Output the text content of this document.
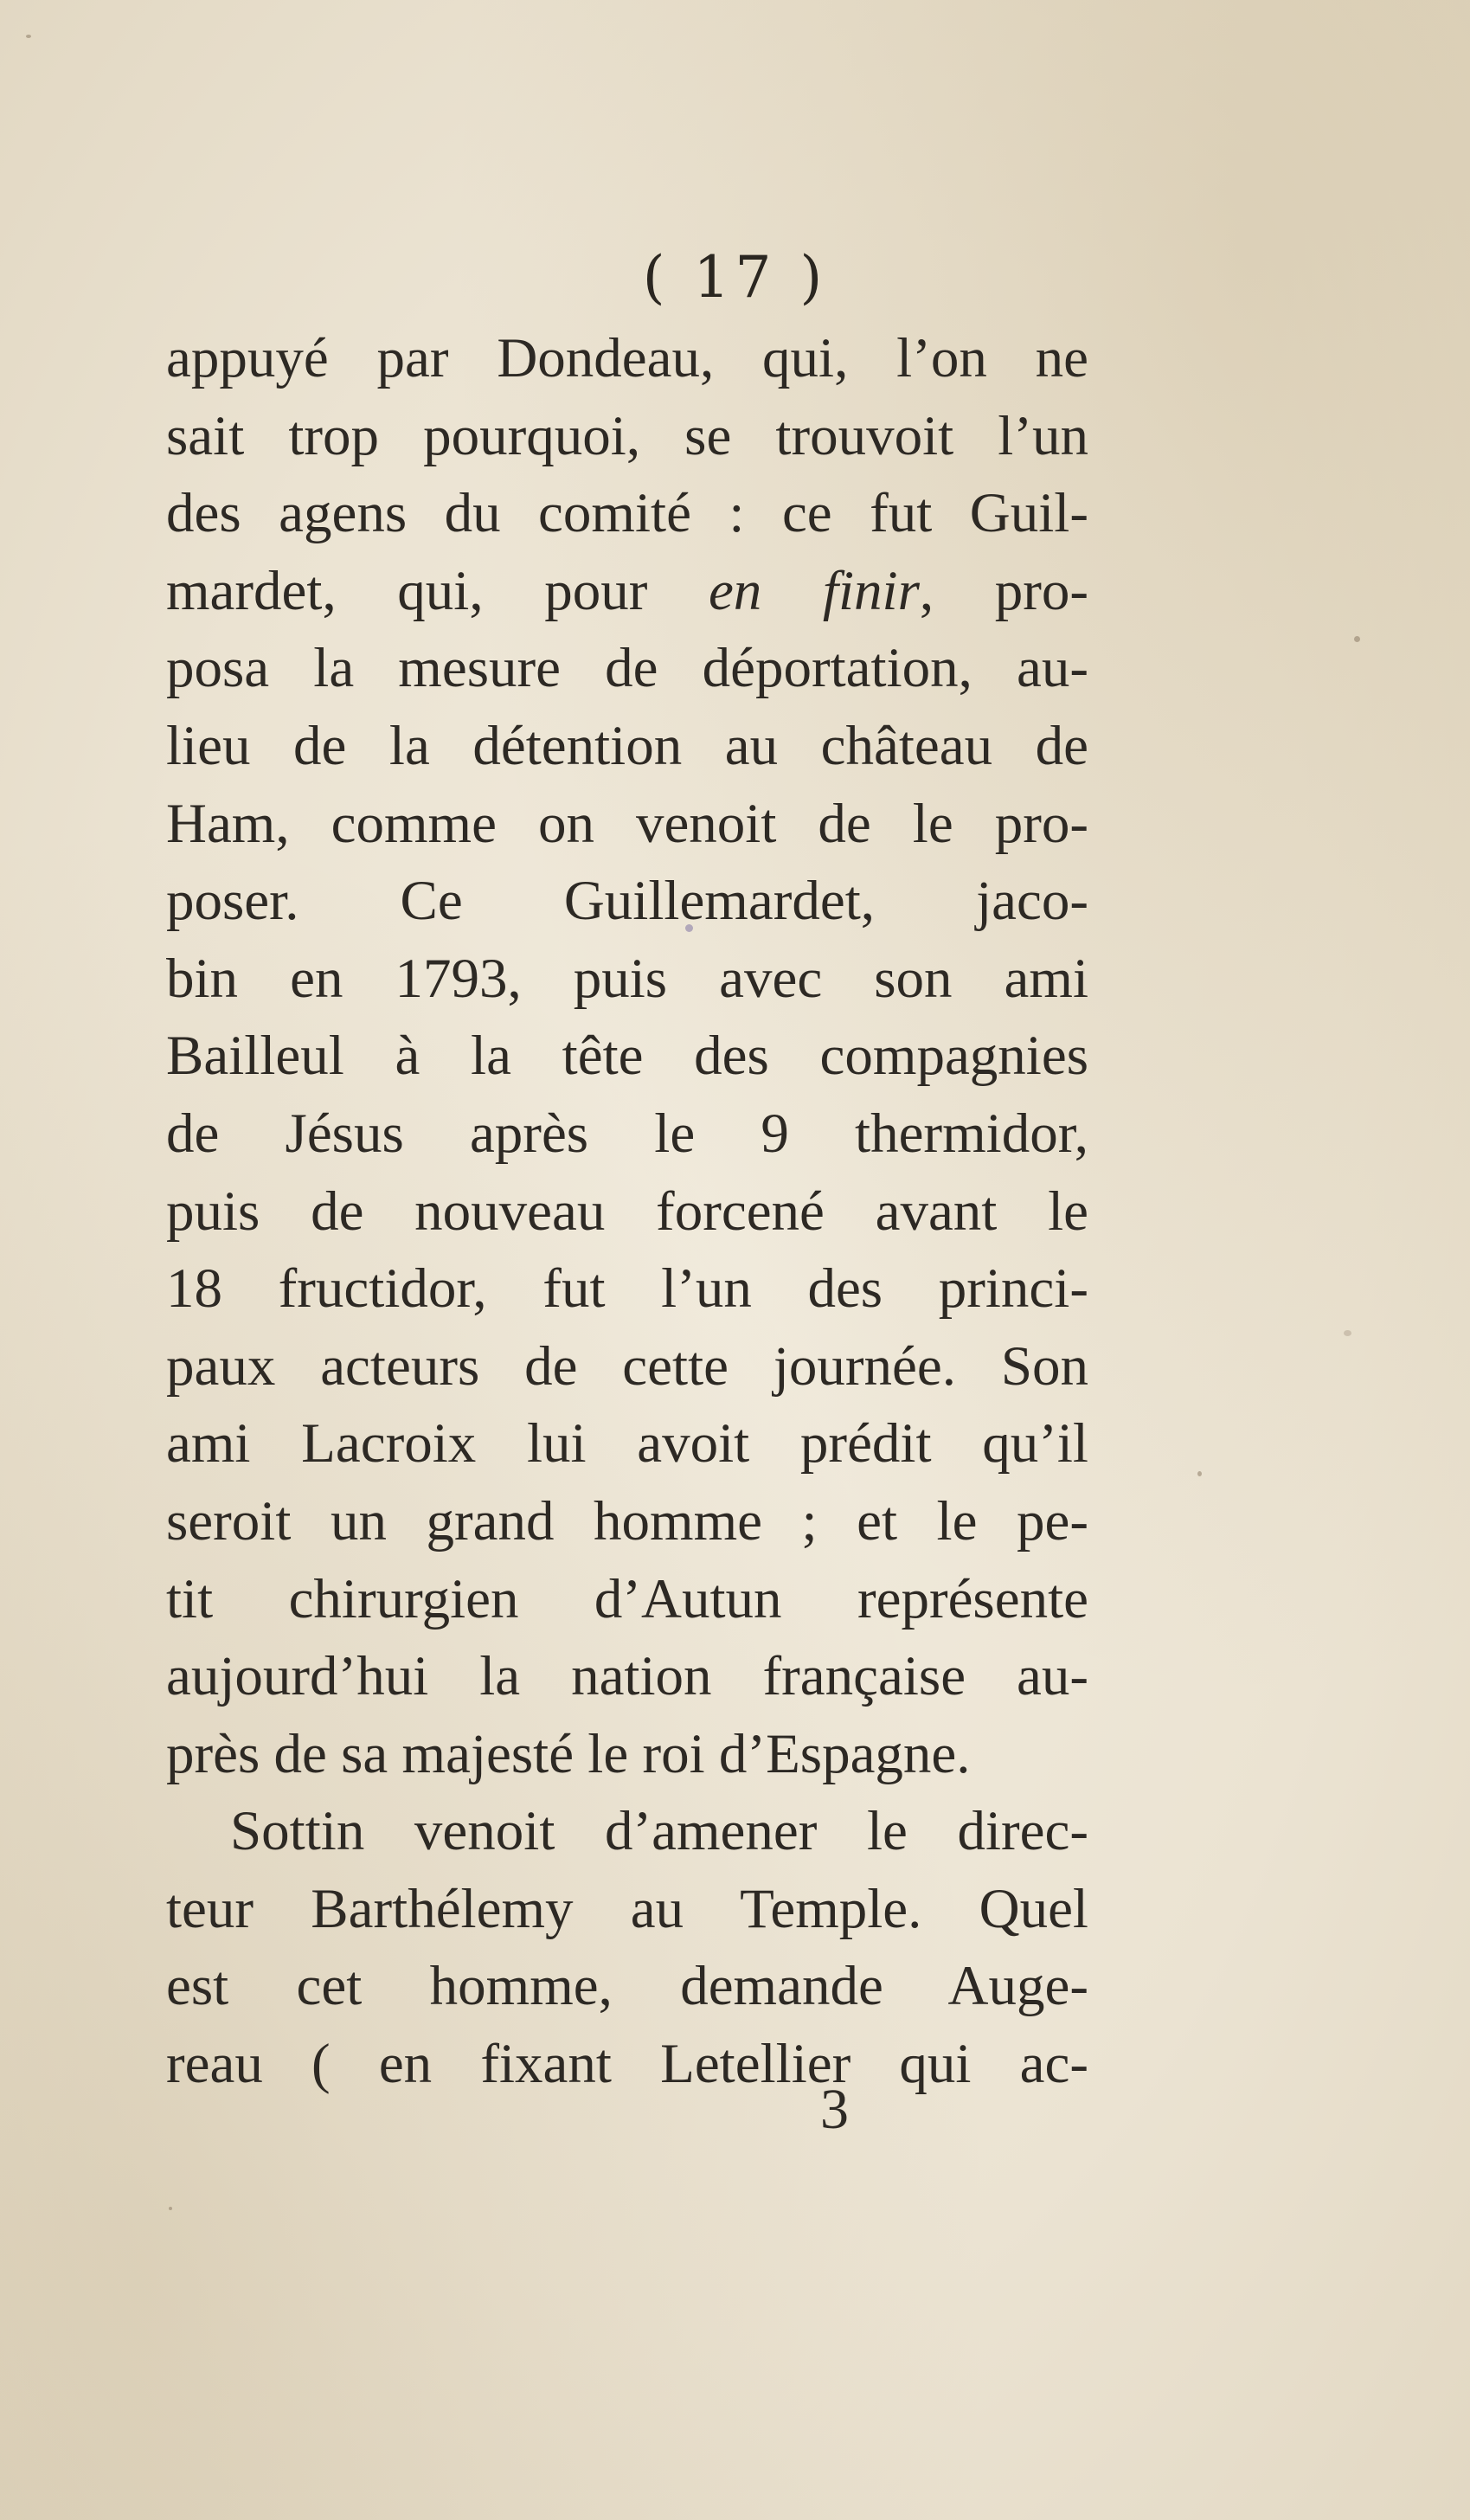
( 17 )
appuyé par Dondeau, qui, l’on ne
sait trop pourquoi, se trouvoit l’un
des agens du comité : ce fut Guil-
mardet, qui, pour en finir, pro-
posa la mesure de déportation, au-
lieu de la détention au château de
Ham, comme on venoit de le pro-
poser. Ce Guillemardet, jaco-
bin en 1793, puis avec son ami
Bailleul à la tête des compagnies
de Jésus après le 9 thermidor,
puis de nouveau forcené avant le
18 fructidor, fut l’un des princi-
paux acteurs de cette journée. Son
ami Lacroix lui avoit prédit qu’il
seroit un grand homme ; et le pe-
tit chirurgien d’Autun représente
aujourd’hui la nation française au-
près de sa majesté le roi d’Espagne.
Sottin venoit d’amener le direc-
teur Barthélemy au Temple. Quel
est cet homme, demande Auge-
reau ( en fixant Letellier qui ac-
3
